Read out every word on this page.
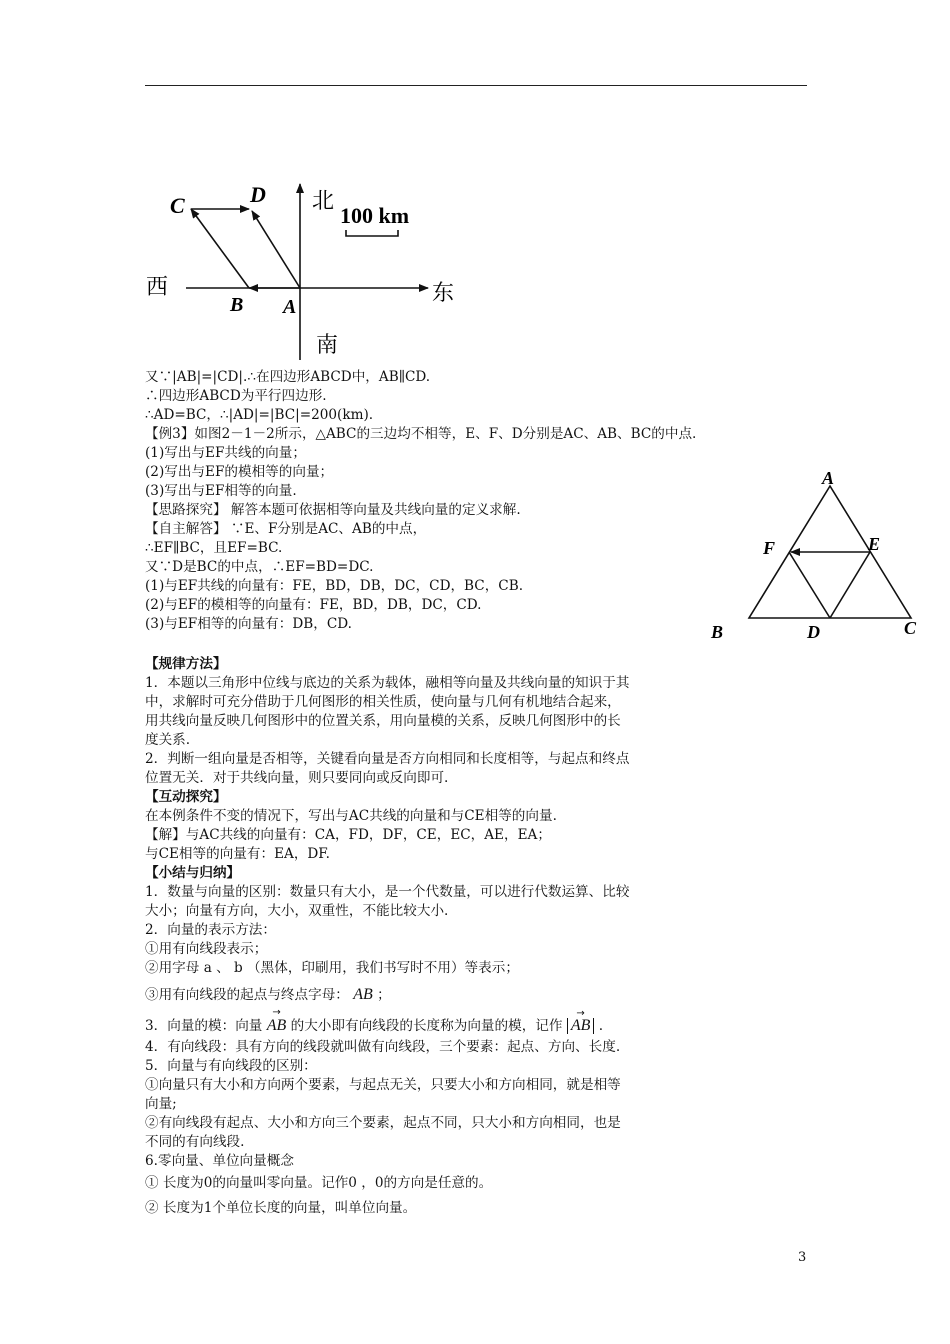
C	D
B A
北
南
东
西
100 km
A
B	C
D
E
F
又∵|AB|=|CD|.∴在四边形ABCD中，AB∥CD.
∴四边形ABCD为平行四边形.
∴AD=BC，∴|AD|=|BC|=200(km).
【例3】如图2－1－2所示，△ABC的三边均不相等，E、F、D分别是AC、AB、BC的中点.
(1)写出与EF共线的向量；
(2)写出与EF的模相等的向量；
(3)写出与EF相等的向量.
【思路探究】 解答本题可依据相等向量及共线向量的定义求解.
【自主解答】 ∵E、F分别是AC、AB的中点，
∴EF∥BC，且EF=BC.
又∵D是BC的中点，∴EF=BD=DC.
(1)与EF共线的向量有：FE，BD，DB，DC，CD，BC，CB.
(2)与EF的模相等的向量有：FE，BD，DB，DC，CD.
(3)与EF相等的向量有：DB，CD.
【规律方法】
1．本题以三角形中位线与底边的关系为载体，融相等向量及共线向量的知识于其
中，求解时可充分借助于几何图形的相关性质，使向量与几何有机地结合起来，
用共线向量反映几何图形中的位置关系，用向量模的关系，反映几何图形中的长
度关系.
2．判断一组向量是否相等，关键看向量是否方向相同和长度相等，与起点和终点
位置无关．对于共线向量，则只要同向或反向即可.
【互动探究】
在本例条件不变的情况下，写出与AC共线的向量和与CE相等的向量.
【解】与AC共线的向量有：CA，FD，DF，CE，EC，AE，EA；
与CE相等的向量有：EA，DF.
【小结与归纳】
1．数量与向量的区别：数量只有大小，是一个代数量，可以进行代数运算、比较
大小；向量有方向，大小，双重性，不能比较大小.
2．向量的表示方法：
①用有向线段表示；
②用字母 a 、 b （黑体，印刷用，我们书写时不用）等表示；
③用有向线段的起点与终点字母： AB ；
3．向量的模：向量
→
AB 的大小即有向线段的长度称为向量的模，记作
→
AB .
4．有向线段：具有方向的线段就叫做有向线段，三个要素：起点、方向、长度.
5．向量与有向线段的区别：
①向量只有大小和方向两个要素，与起点无关，只要大小和方向相同，就是相等
向量;
②有向线段有起点、大小和方向三个要素，起点不同，只大小和方向相同，也是
不同的有向线段.
6.零向量、单位向量概念
① 长度为0的向量叫零向量。记作0 ，0的方向是任意的。
② 长度为1个单位长度的向量，叫单位向量。
3
